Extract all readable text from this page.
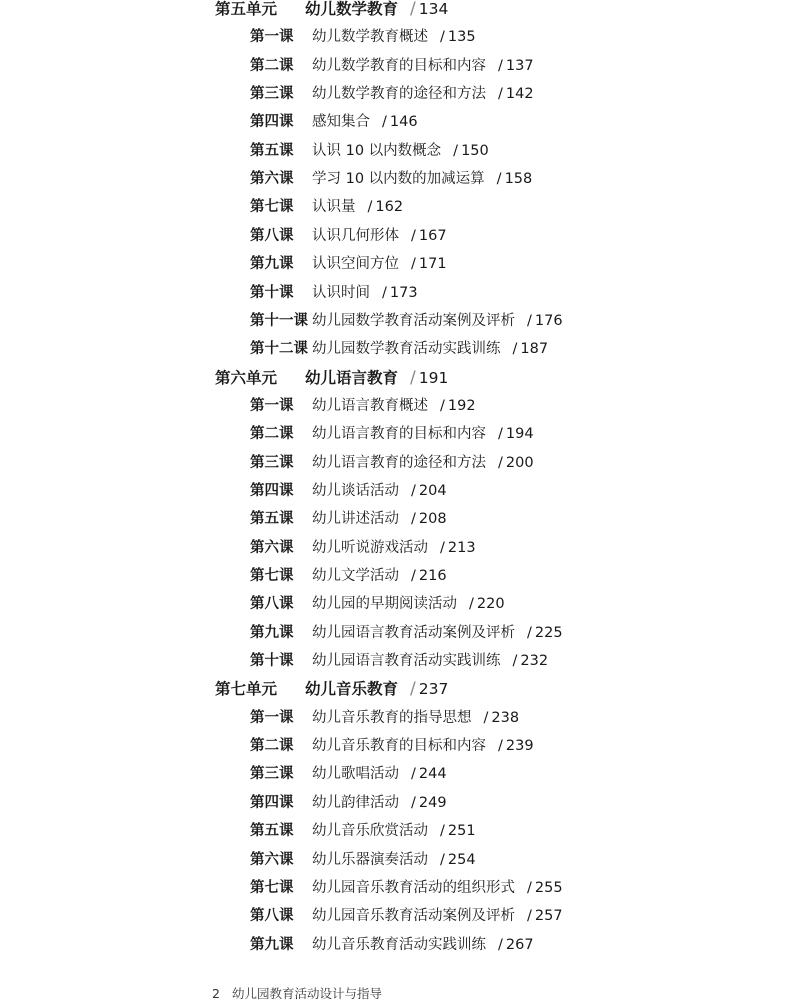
第五单元 幼儿数学教育 / 134
第一课 幼儿数学教育概述 / 135
第二课 幼儿数学教育的目标和内容 / 137
第三课 幼儿数学教育的途径和方法 / 142
第四课 感知集合 / 146
第五课 认识 10 以内数概念 / 150
第六课 学习 10 以内数的加减运算 / 158
第七课 认识量 / 162
第八课 认识几何形体 / 167
第九课 认识空间方位 / 171
第十课 认识时间 / 173
第十一课 幼儿园数学教育活动案例及评析 / 176
第十二课 幼儿园数学教育活动实践训练 / 187
第六单元 幼儿语言教育 / 191
第一课 幼儿语言教育概述 / 192
第二课 幼儿语言教育的目标和内容 / 194
第三课 幼儿语言教育的途径和方法 / 200
第四课 幼儿谈话活动 / 204
第五课 幼儿讲述活动 / 208
第六课 幼儿听说游戏活动 / 213
第七课 幼儿文学活动 / 216
第八课 幼儿园的早期阅读活动 / 220
第九课 幼儿园语言教育活动案例及评析 / 225
第十课 幼儿园语言教育活动实践训练 / 232
第七单元 幼儿音乐教育 / 237
第一课 幼儿音乐教育的指导思想 / 238
第二课 幼儿音乐教育的目标和内容 / 239
第三课 幼儿歌唱活动 / 244
第四课 幼儿韵律活动 / 249
第五课 幼儿音乐欣赏活动 / 251
第六课 幼儿乐器演奏活动 / 254
第七课 幼儿园音乐教育活动的组织形式 / 255
第八课 幼儿园音乐教育活动案例及评析 / 257
第九课 幼儿音乐教育活动实践训练 / 267
2 幼儿园教育活动设计与指导
